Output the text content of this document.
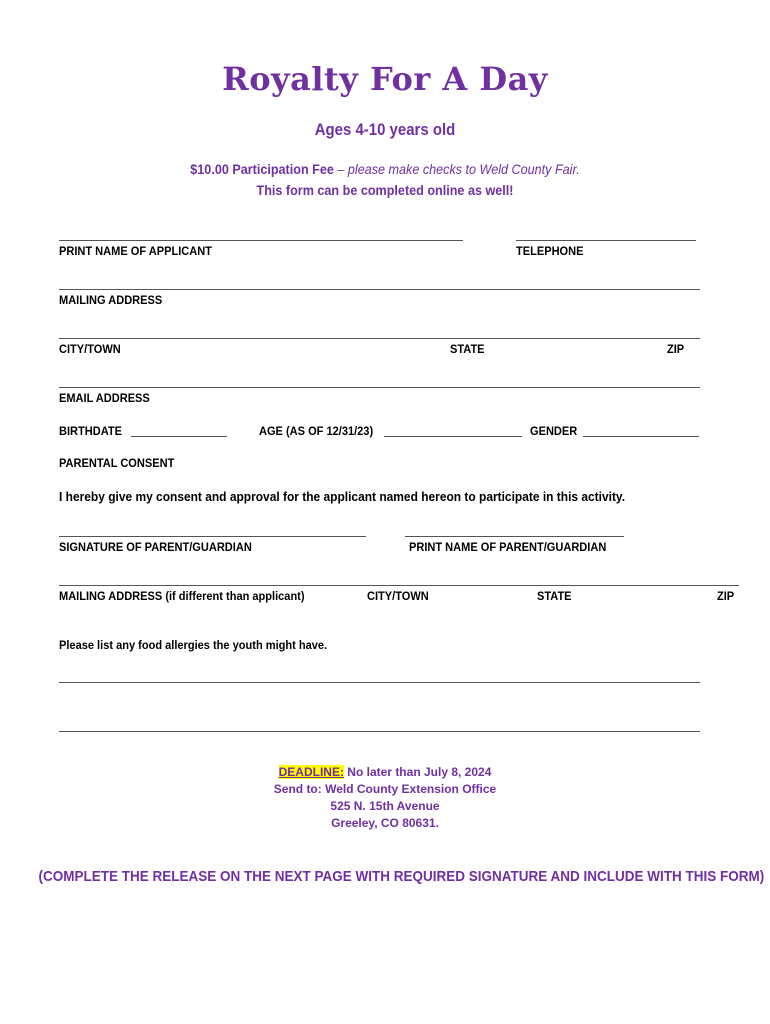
Royalty For A Day
Ages 4-10 years old
$10.00 Participation Fee – please make checks to Weld County Fair.
This form can be completed online as well!
PRINT NAME OF APPLICANT	TELEPHONE
MAILING ADDRESS
CITY/TOWN	STATE	ZIP
EMAIL ADDRESS
BIRTHDATE	AGE (AS OF 12/31/23)	GENDER
PARENTAL CONSENT
I hereby give my consent and approval for the applicant named hereon to participate in this activity.
SIGNATURE OF PARENT/GUARDIAN	PRINT NAME OF PARENT/GUARDIAN
MAILING ADDRESS (if different than applicant)	CITY/TOWN	STATE	ZIP
Please list any food allergies the youth might have.
DEADLINE: No later than July 8, 2024
Send to: Weld County Extension Office
525 N. 15th Avenue
Greeley, CO 80631.
(COMPLETE THE RELEASE ON THE NEXT PAGE WITH REQUIRED SIGNATURE AND INCLUDE WITH THIS FORM)
